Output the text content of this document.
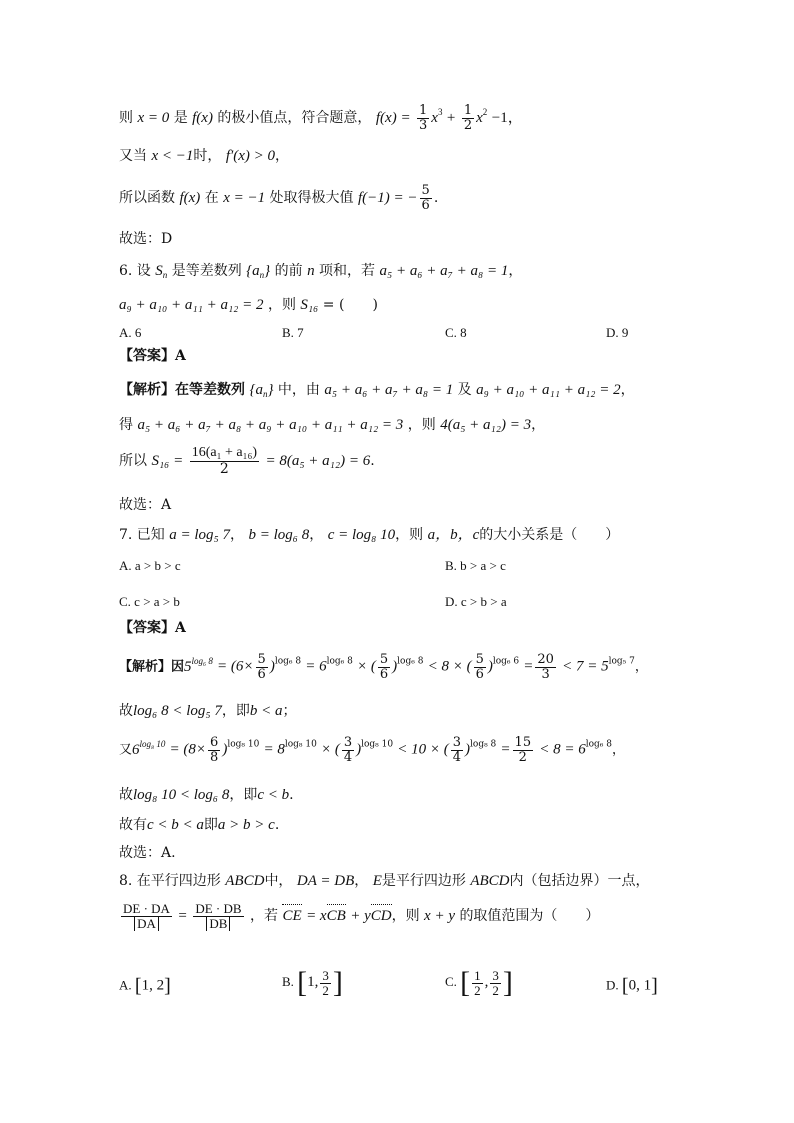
则 x = 0 是 f(x) 的极小值点，符合题意， $f(x) = \frac{1}{3} x^3 + \frac{1}{2} x^2 -1$，
又当 x < −1时， f′(x) > 0，
所以函数 f(x) 在 x = −1 处取得极大值 f(−1) = − $\frac{5}{6}$ .
故选：D
6. 设 $S_n$ 是等差数列 $\{a_n\}$ 的前 n 项和，若 a₅ + a₆ + a₇ + a₈ = 1，
a₉ + a₁₀ + a₁₁ + a₁₂ = 2 ，则 S₁₆ = (　　)
A. 6	B. 7	C. 8	D. 9
【答案】A
【解析】在等差数列 $\{a_n\}$ 中，由 a₅ + a₆ + a₇ + a₈ = 1 及 a₉ + a₁₀ + a₁₁ + a₁₂ = 2，
得 a₅ + a₆ + a₇ + a₈ + a₉ + a₁₀ + a₁₁ + a₁₂ = 3 ，则 4(a₅ + a₁₂) = 3，
所以 $S_{16} = \frac{\text{16(a₁ + a₁₆)}}{2} = 8(a_5 + a_{12}) = 6$.
故选：A
7. 已知 a = log₅ 7， b = log₆ 8， c = log₈ 10，则 a，b，c的大小关系是（　　）
A. a > b > c	B. b > a > c
C. c > a > b	D. c > b > a
【答案】A
【解析】因$5^{log_6 8} = (6\times \frac{5}{6} )^{log_6 8} = 6^{log_6 8}$ × ( $\frac{5}{6} )^{log_6 8} < 8$ × ( $\frac{5}{6} )^{log_6 6} = \frac{20}{3} < 7 = 5^{log_5 7}$，
故log₆ 8 < log₅ 7，即b < a；
又$6^{log_8 10} = (8\times \frac{6}{8} )^{log_8 10} = 8^{log_8 10}$ × ( $\frac{3}{4} )^{log_8 10} < 10$ × ( $\frac{3}{4} )^{log_8 8} = \frac{15}{2} < 8 = 6^{log_6 8}$，
故log₈ 10 < log₆ 8，即c < b.
故有c < b < a即a > b > c.
故选：A.
8. 在平行四边形 ABCD中， DA = DB， E是平行四边形 ABCD内（包括边界）一点，
$\frac{DE \cdot DA}{DA} = \frac{DE \cdot DB}{DB}$ ，若 CE = xCB + yCD，则 x + y 的取值范围为（　　）
A. [1, 2]	B. [1, $\frac{3}{2}$ ]	C. [ $\frac{1}{2}$ , $\frac{3}{2}$ ]	D. [0, 1]
